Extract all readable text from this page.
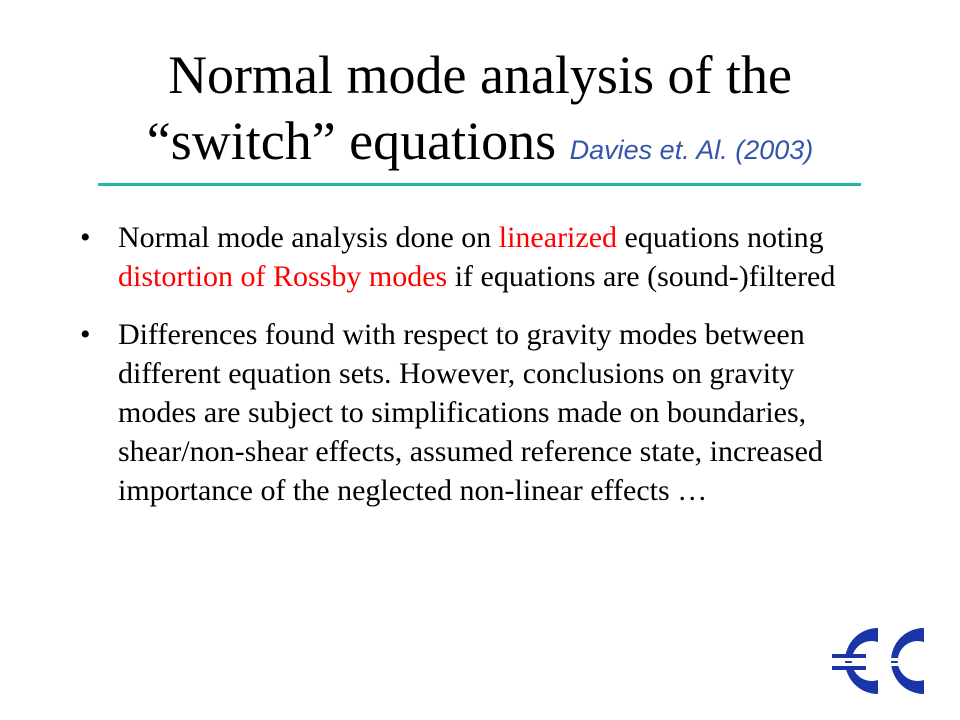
Normal mode analysis of the
“switch” equations Davies et. Al. (2003)
• Normal mode analysis done on linearized equations noting distortion of Rossby modes if equations are (sound-)filtered
• Differences found with respect to gravity modes between different equation sets. However, conclusions on gravity modes are subject to simplifications made on boundaries, shear/non-shear effects, assumed reference state, increased importance of the neglected non-linear effects …
